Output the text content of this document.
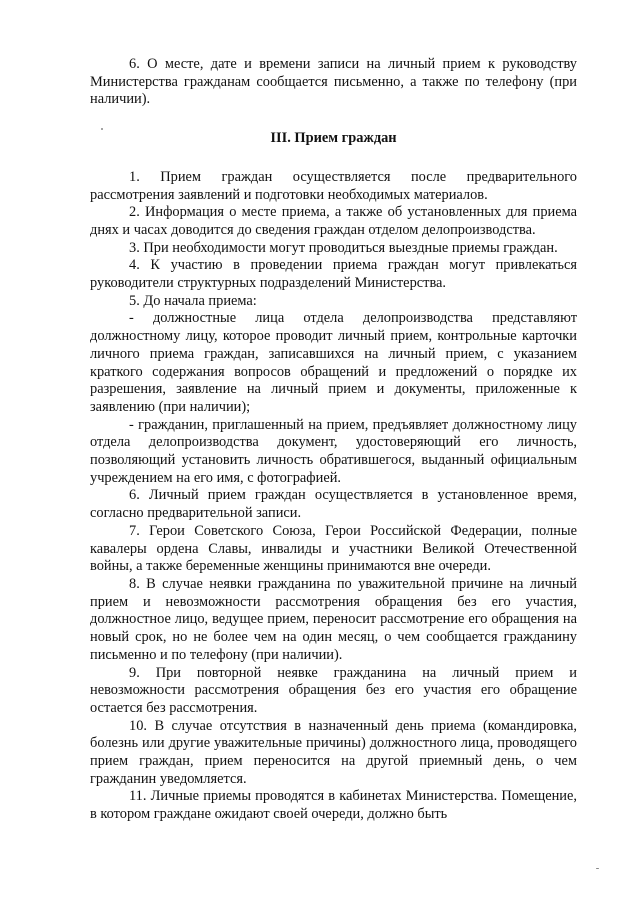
6. О месте, дате и времени записи на личный прием к руководству Министерства гражданам сообщается письменно, а также по телефону (при наличии).

III. Прием граждан

1. Прием граждан осуществляется после предварительного рассмотрения заявлений и подготовки необходимых материалов.

2. Информация о месте приема, а также об установленных для приема днях и часах доводится до сведения граждан отделом делопроизводства.

3. При необходимости могут проводиться выездные приемы граждан.

4. К участию в проведении приема граждан могут привлекаться руководители структурных подразделений Министерства.

5. До начала приема:

- должностные лица отдела делопроизводства представляют должностному лицу, которое проводит личный прием, контрольные карточки личного приема граждан, записавшихся на личный прием, с указанием краткого содержания вопросов обращений и предложений о порядке их разрешения, заявление на личный прием и документы, приложенные к заявлению (при наличии);

- гражданин, приглашенный на прием, предъявляет должностному лицу отдела делопроизводства документ, удостоверяющий его личность, позволяющий установить личность обратившегося, выданный официальным учреждением на его имя, с фотографией.

6. Личный прием граждан осуществляется в установленное время, согласно предварительной записи.

7. Герои Советского Союза, Герои Российской Федерации, полные кавалеры ордена Славы, инвалиды и участники Великой Отечественной войны, а также беременные женщины принимаются вне очереди.

8. В случае неявки гражданина по уважительной причине на личный прием и невозможности рассмотрения обращения без его участия, должностное лицо, ведущее прием, переносит рассмотрение его обращения на новый срок, но не более чем на один месяц, о чем сообщается гражданину письменно и по телефону (при наличии).

9. При повторной неявке гражданина на личный прием и невозможности рассмотрения обращения без его участия его обращение остается без рассмотрения.

10. В случае отсутствия в назначенный день приема (командировка, болезнь или другие уважительные причины) должностного лица, проводящего прием граждан, прием переносится на другой приемный день, о чем гражданин уведомляется.

11. Личные приемы проводятся в кабинетах Министерства. Помещение, в котором граждане ожидают своей очереди, должно быть
